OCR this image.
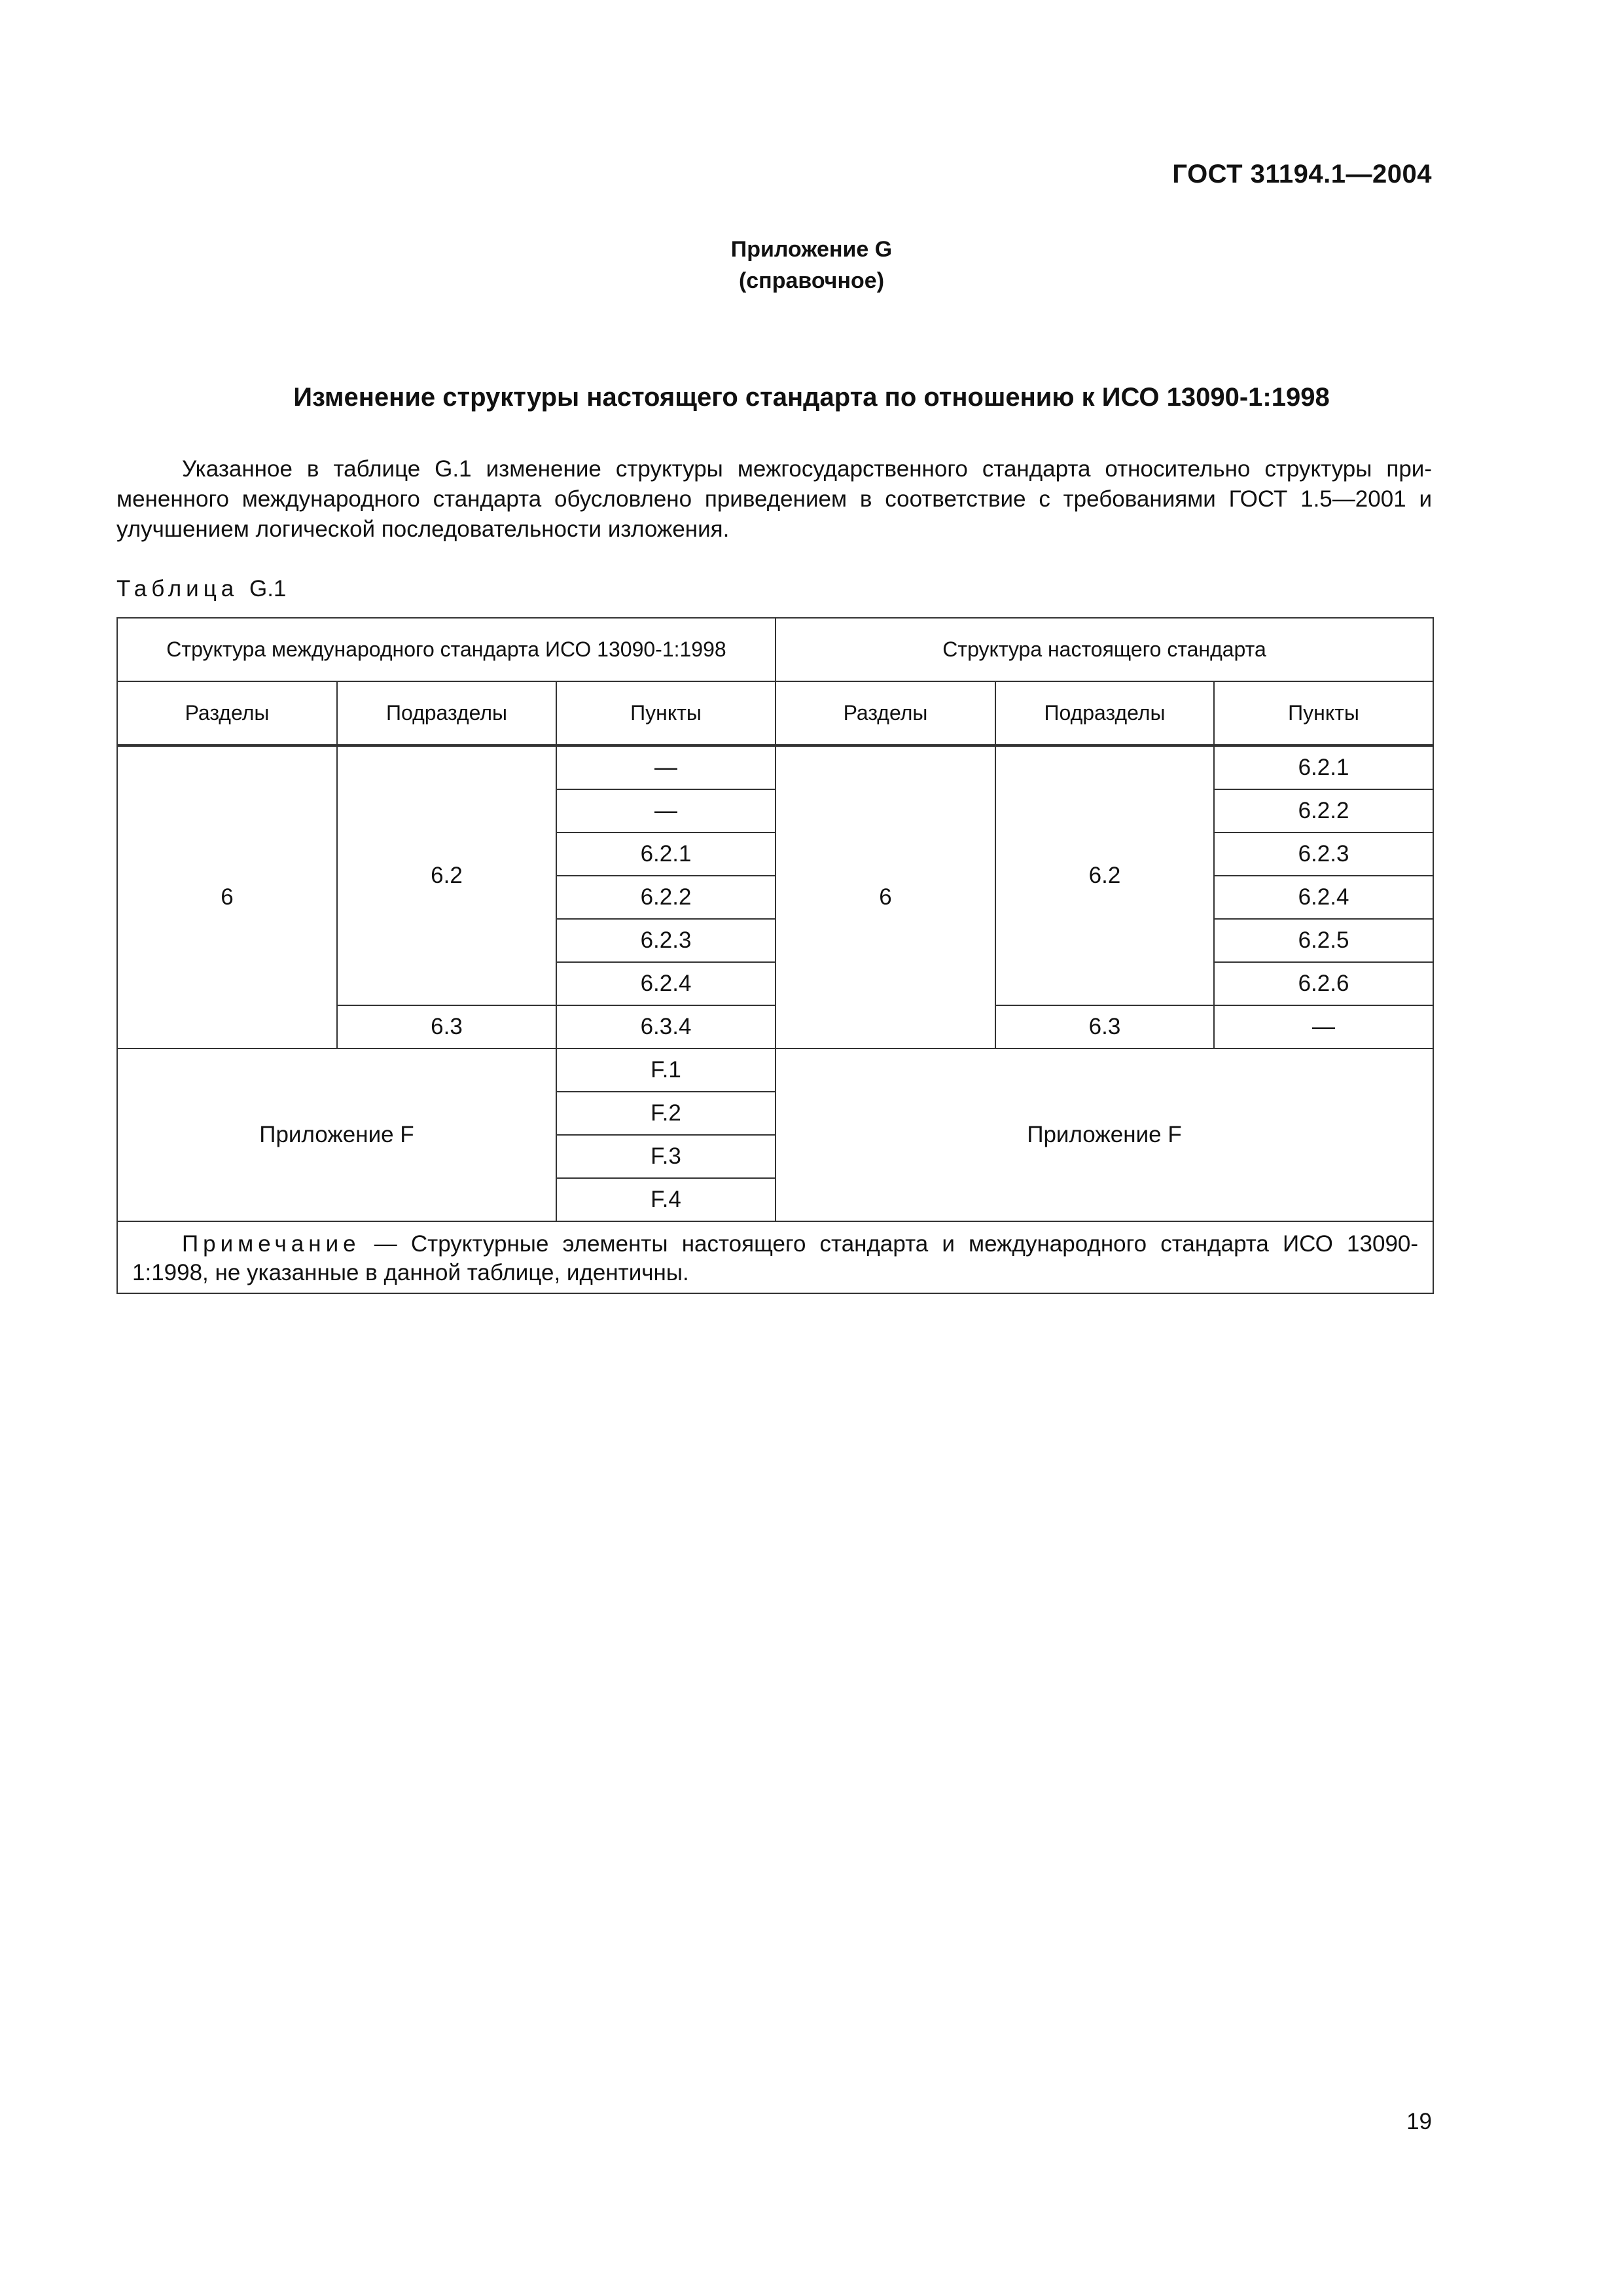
ГОСТ 31194.1—2004
Приложение G
(справочное)
Изменение структуры настоящего стандарта по отношению к ИСО 13090-1:1998

Указанное в таблице G.1 изменение структуры межгосударственного стандарта относительно структуры при- мененного международного стандарта обусловлено приведением в соответствие с требованиями ГОСТ 1.5—2001 и улучшением логической последовательности изложения.

Таблица G.1
Структура международного стандарта ИСО 13090-1:1998			Структура настоящего стандарта		
Разделы	Подразделы	Пункты	Разделы	Подразделы	Пункты
6	6.2	—	6	6.2	6.2.1
		—			6.2.2
		6.2.1			6.2.3
		6.2.2			6.2.4
		6.2.3			6.2.5
		6.2.4			6.2.6
	6.3	6.3.4		6.3	—
Приложение F		F.1	Приложение F		
		F.2			
		F.3			
		F.4			
Примечание — Структурные элементы настоящего стандарта и международного стандарта ИСО 13090-1:1998, не указанные в данной таблице, идентичны.					
19
